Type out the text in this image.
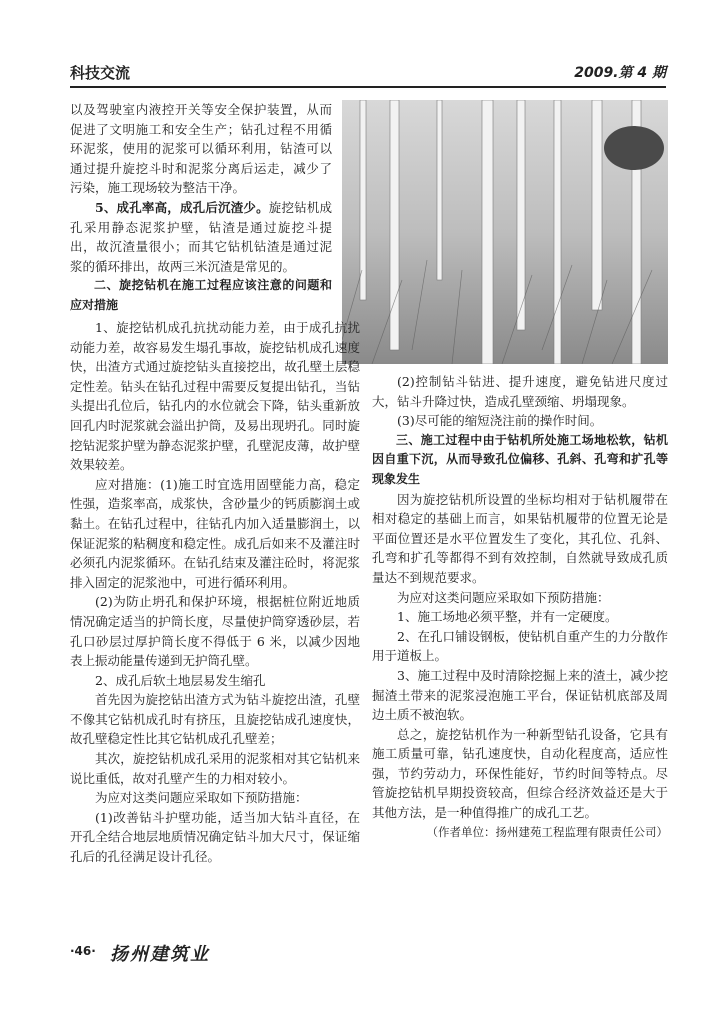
科技交流	2009.第 4 期

以及驾驶室内液控开关等安全保护装置，从而促进了文明施工和安全生产；钻孔过程不用循环泥浆，使用的泥浆可以循环利用，钻渣可以通过提升旋挖斗时和泥浆分离后运走，减少了污染，施工现场较为整洁干净。

5、成孔率高，成孔后沉渣少。旋挖钻机成孔采用静态泥浆护壁，钻渣是通过旋挖斗提出，故沉渣量很小；而其它钻机钻渣是通过泥浆的循环排出，故两三米沉渣是常见的。

二、旋挖钻机在施工过程应该注意的问题和应对措施

1、旋挖钻机成孔抗扰动能力差，由于成孔抗扰动能力差，故容易发生塌孔事故，旋挖钻机成孔速度快，出渣方式通过旋挖钻头直接挖出，故孔壁土层稳定性差。钻头在钻孔过程中需要反复提出钻孔，当钻头提出孔位后，钻孔内的水位就会下降，钻头重新放回孔内时泥浆就会溢出护筒，及易出现坍孔。同时旋挖钻泥浆护壁为静态泥浆护壁，孔壁泥皮薄，故护壁效果较差。

应对措施：(1)施工时宜选用固壁能力高，稳定性强，造浆率高，成浆快，含砂量少的钙质膨润土或黏土。在钻孔过程中，往钻孔内加入适量膨润土，以保证泥浆的粘稠度和稳定性。成孔后如来不及灌注时必须孔内泥浆循环。在钻孔结束及灌注砼时，将泥浆排入固定的泥浆池中，可进行循环利用。

(2)为防止坍孔和保护环境，根据桩位附近地质情况确定适当的护筒长度，尽量使护筒穿透砂层，若孔口砂层过厚护筒长度不得低于 6 米，以减少因地表上振动能量传递到无护筒孔壁。

2、成孔后软土地层易发生缩孔

首先因为旋挖钻出渣方式为钻斗旋挖出渣，孔壁不像其它钻机成孔时有挤压，且旋挖钻成孔速度快，故孔壁稳定性比其它钻机成孔孔壁差；

其次，旋挖钻机成孔采用的泥浆相对其它钻机来说比重低，故对孔壁产生的力相对较小。

为应对这类问题应采取如下预防措施：

(1)改善钻斗护壁功能，适当加大钻斗直径，在开孔全结合地层地质情况确定钻斗加大尺寸，保证缩孔后的孔径满足设计孔径。

(2)控制钻斗钻进、提升速度，避免钻进尺度过大，钻斗升降过快，造成孔壁颈缩、坍塌现象。

(3)尽可能的缩短浇注前的操作时间。

三、施工过程中由于钻机所处施工场地松软，钻机因自重下沉，从而导致孔位偏移、孔斜、孔弯和扩孔等现象发生

因为旋挖钻机所设置的坐标均相对于钻机履带在相对稳定的基础上而言，如果钻机履带的位置无论是平面位置还是水平位置发生了变化，其孔位、孔斜、孔弯和扩孔等都得不到有效控制，自然就导致成孔质量达不到规范要求。

为应对这类问题应采取如下预防措施：

1、施工场地必须平整，并有一定硬度。

2、在孔口铺设钢板，使钻机自重产生的力分散作用于道板上。

3、施工过程中及时清除挖掘上来的渣土，减少挖掘渣土带来的泥浆浸泡施工平台，保证钻机底部及周边土质不被泡软。

总之，旋挖钻机作为一种新型钻孔设备，它具有施工质量可靠，钻孔速度快，自动化程度高，适应性强，节约劳动力，环保性能好，节约时间等特点。尽管旋挖钻机早期投资较高，但综合经济效益还是大于其他方法，是一种值得推广的成孔工艺。

（作者单位：扬州建苑工程监理有限责任公司）

·46· 扬州建筑业
